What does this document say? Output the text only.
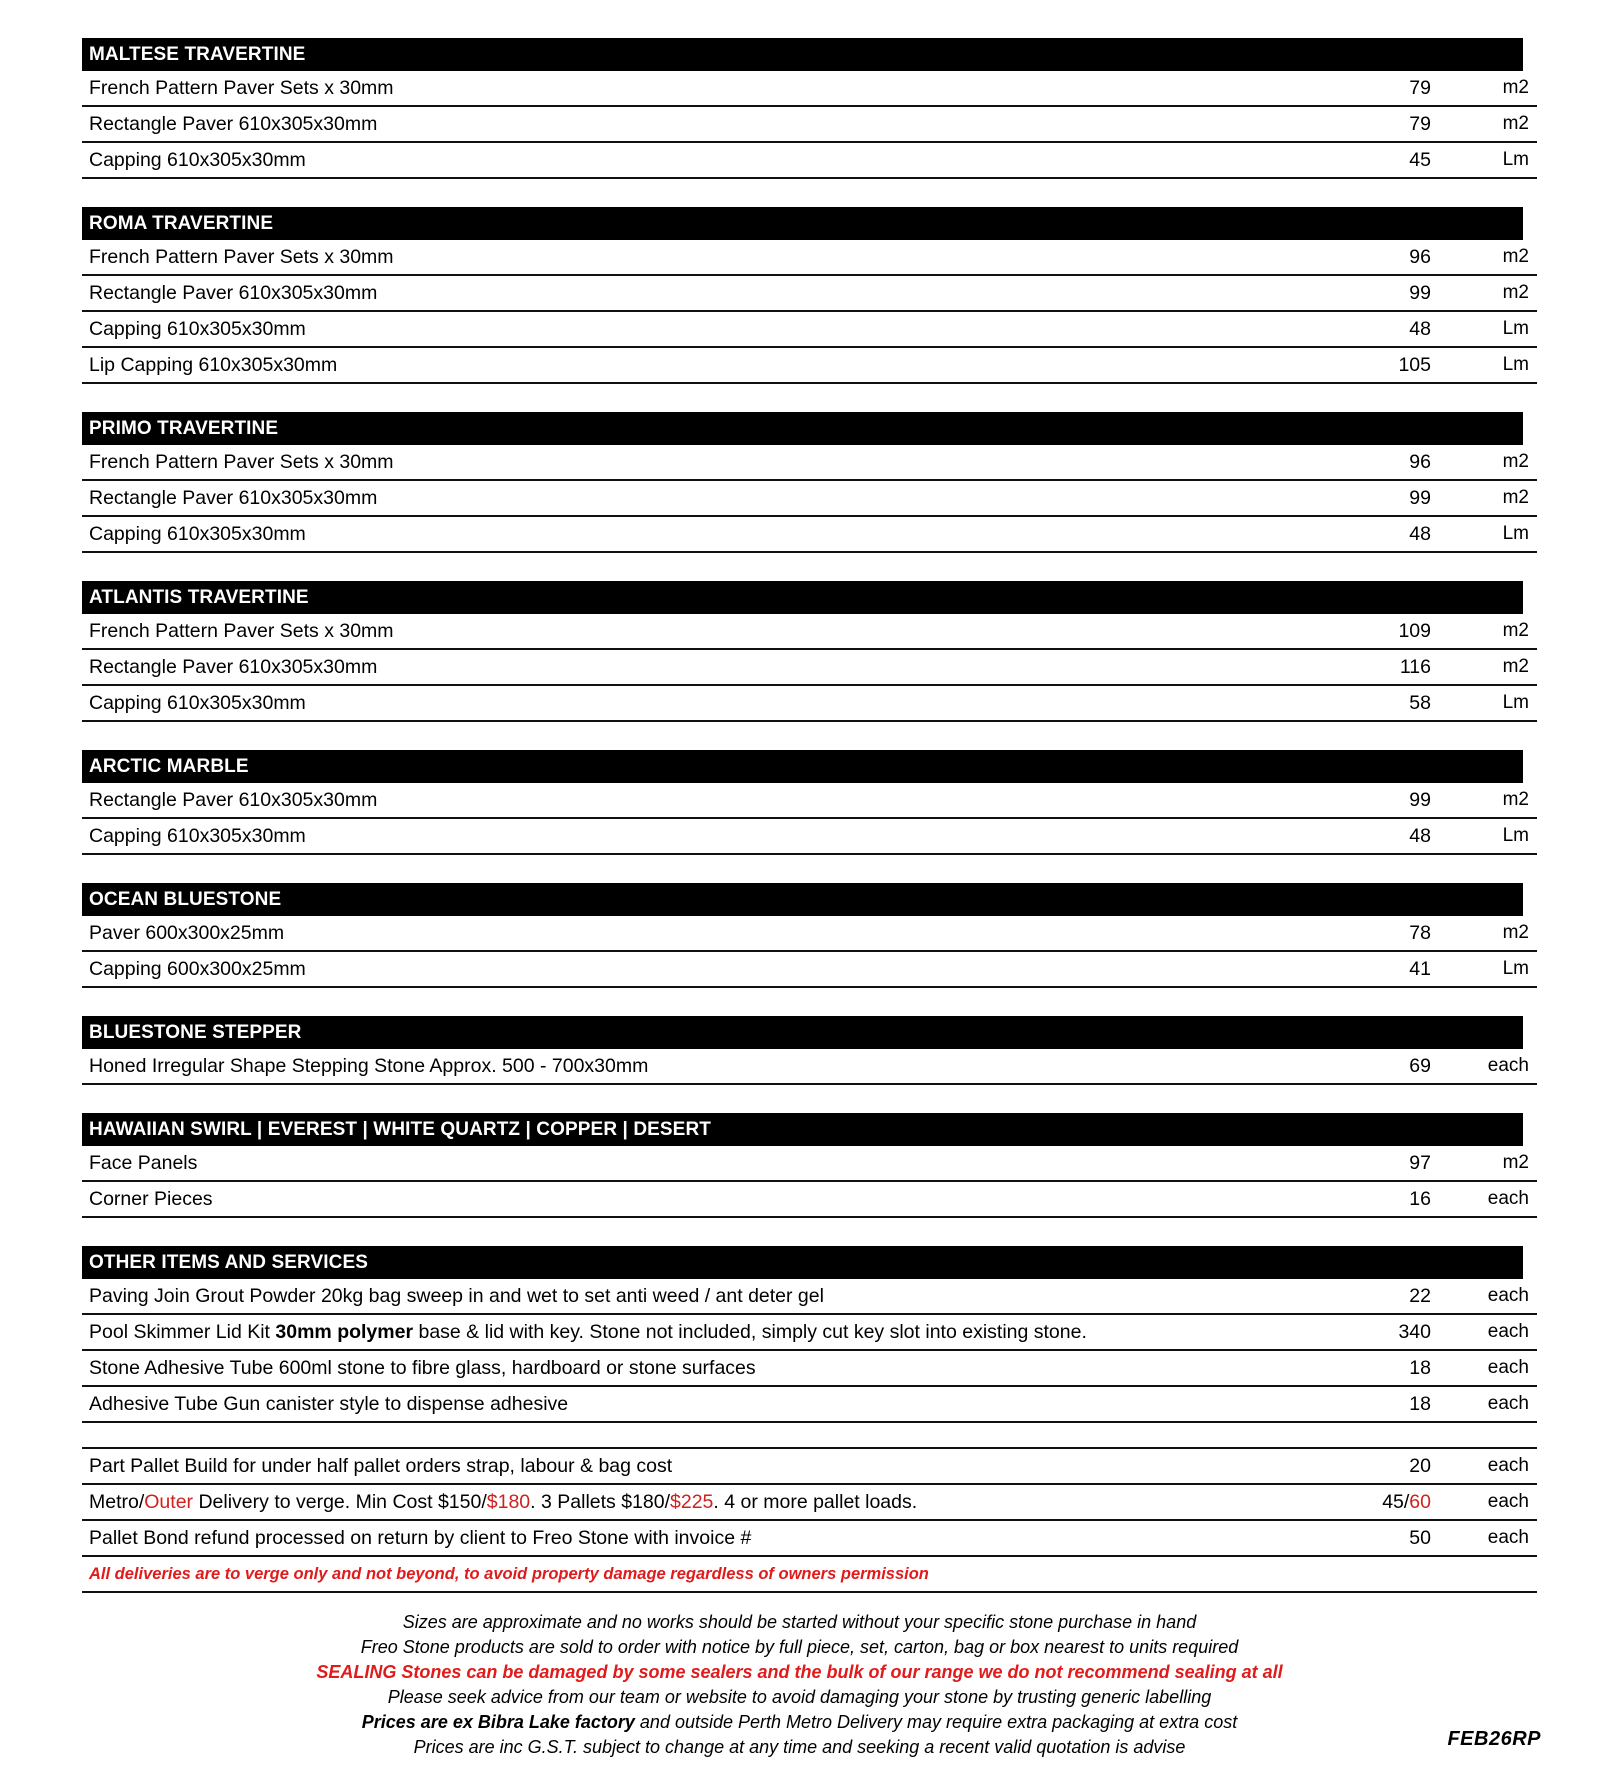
MALTESE TRAVERTINE
French Pattern Paver Sets x 30mm	79	m2
Rectangle Paver 610x305x30mm	79	m2
Capping 610x305x30mm	45	Lm
ROMA TRAVERTINE
French Pattern Paver Sets x 30mm	96	m2
Rectangle Paver 610x305x30mm	99	m2
Capping 610x305x30mm	48	Lm
Lip Capping 610x305x30mm	105	Lm
PRIMO TRAVERTINE
French Pattern Paver Sets x 30mm	96	m2
Rectangle Paver 610x305x30mm	99	m2
Capping 610x305x30mm	48	Lm
ATLANTIS TRAVERTINE
French Pattern Paver Sets x 30mm	109	m2
Rectangle Paver 610x305x30mm	116	m2
Capping 610x305x30mm	58	Lm
ARCTIC MARBLE
Rectangle Paver 610x305x30mm	99	m2
Capping 610x305x30mm	48	Lm
OCEAN BLUESTONE
Paver 600x300x25mm	78	m2
Capping 600x300x25mm	41	Lm
BLUESTONE STEPPER
Honed Irregular Shape Stepping Stone Approx. 500 - 700x30mm	69	each
HAWAIIAN SWIRL | EVEREST | WHITE QUARTZ | COPPER | DESERT
Face Panels	97	m2
Corner Pieces	16	each
OTHER ITEMS AND SERVICES
Paving Join Grout Powder 20kg bag sweep in and wet to set anti weed / ant deter gel	22	each
Pool Skimmer Lid Kit 30mm polymer base & lid with key. Stone not included, simply cut key slot into existing stone.	340	each
Stone Adhesive Tube 600ml stone to fibre glass, hardboard or stone surfaces	18	each
Adhesive Tube Gun canister style to dispense adhesive	18	each
Part Pallet Build for under half pallet orders strap, labour & bag cost	20	each
Metro/Outer Delivery to verge. Min Cost $150/$180. 3 Pallets $180/$225. 4 or more pallet loads.	45/60	each
Pallet Bond refund processed on return by client to Freo Stone with invoice #	50	each
All deliveries are to verge only and not beyond, to avoid property damage regardless of owners permission
Sizes are approximate and no works should be started without your specific stone purchase in hand
Freo Stone products are sold to order with notice by full piece, set, carton, bag or box nearest to units required
SEALING Stones can be damaged by some sealers and the bulk of our range we do not recommend sealing at all
Please seek advice from our team or website to avoid damaging your stone by trusting generic labelling
Prices are ex Bibra Lake factory and outside Perth Metro Delivery may require extra packaging at extra cost
Prices are inc G.S.T. subject to change at any time and seeking a recent valid quotation is advise	FEB26RP
